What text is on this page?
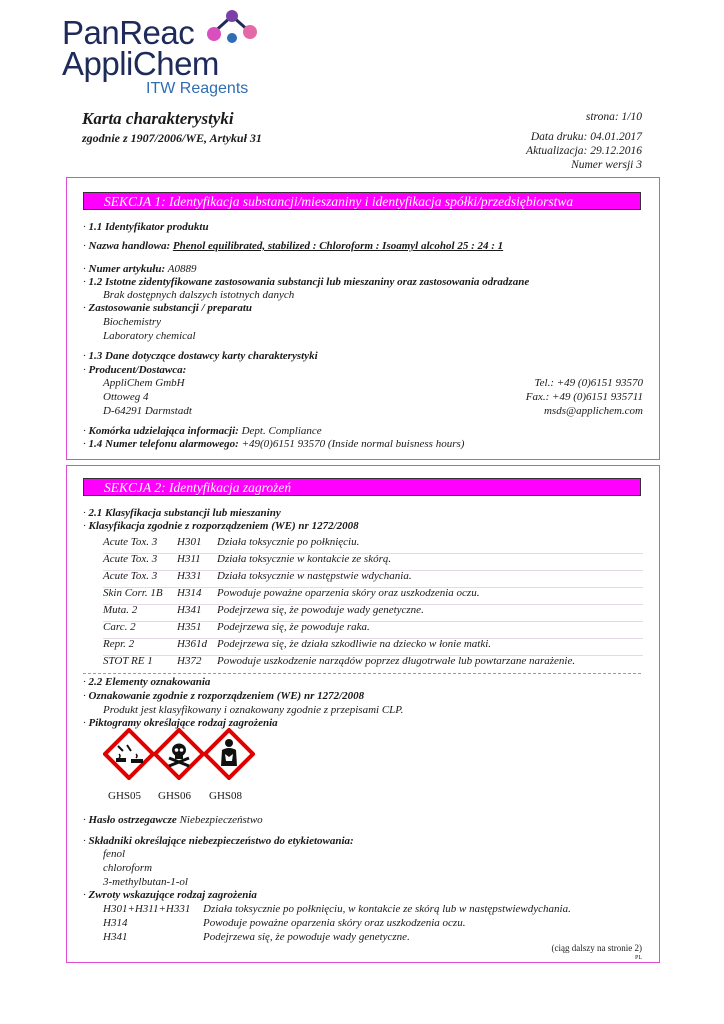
PanReac
AppliChem
ITW Reagents
Karta charakterystyki
zgodnie z 1907/2006/WE, Artykuł 31
strona: 1/10
Data druku: 04.01.2017
Aktualizacja: 29.12.2016
Numer wersji 3
SEKCJA 1: Identyfikacja substancji/mieszaniny i identyfikacja spółki/przedsiębiorstwa
· 1.1 Identyfikator produktu
· Nazwa handlowa: Phenol equilibrated, stabilized : Chloroform : Isoamyl alcohol 25 : 24 : 1
· Numer artykułu: A0889
· 1.2 Istotne zidentyfikowane zastosowania substancji lub mieszaniny oraz zastosowania odradzane
Brak dostępnych dalszych istotnych danych
· Zastosowanie substancji / preparatu
Biochemistry
Laboratory chemical
· 1.3 Dane dotyczące dostawcy karty charakterystyki
· Producent/Dostawca:
AppliChem GmbH
Ottoweg 4
D-64291 Darmstadt
Tel.: +49 (0)6151 93570
Fax.: +49 (0)6151 935711
msds@applichem.com
· Komórka udzielająca informacji: Dept. Compliance
· 1.4 Numer telefonu alarmowego: +49(0)6151 93570 (Inside normal buisness hours)
SEKCJA 2: Identyfikacja zagrożeń
· 2.1 Klasyfikacja substancji lub mieszaniny
· Klasyfikacja zgodnie z rozporządzeniem (WE) nr 1272/2008
Acute Tox. 3 H301 Działa toksycznie po połknięciu.
Acute Tox. 3 H311 Działa toksycznie w kontakcie ze skórą.
Acute Tox. 3 H331 Działa toksycznie w następstwie wdychania.
Skin Corr. 1B H314 Powoduje poważne oparzenia skóry oraz uszkodzenia oczu.
Muta. 2	H341 Podejrzewa się, że powoduje wady genetyczne.
Carc. 2	H351 Podejrzewa się, że powoduje raka.
Repr. 2	H361d Podejrzewa się, że działa szkodliwie na dziecko w łonie matki.
STOT RE 1 H372 Powoduje uszkodzenie narządów poprzez długotrwałe lub powtarzane narażenie.
· 2.2 Elementy oznakowania
· Oznakowanie zgodnie z rozporządzeniem (WE) nr 1272/2008
Produkt jest klasyfikowany i oznakowany zgodnie z przepisami CLP.
· Piktogramy określające rodzaj zagrożenia
GHS05 GHS06 GHS08
· Hasło ostrzegawcze Niebezpieczeństwo
· Składniki określające niebezpieczeństwo do etykietowania:
fenol
chloroform
3-methylbutan-1-ol
· Zwroty wskazujące rodzaj zagrożenia
H301+H311+H331 Działa toksycznie po połknięciu, w kontakcie ze skórą lub w następstwiewdychania.
H314	Powoduje poważne oparzenia skóry oraz uszkodzenia oczu.
H341	Podejrzewa się, że powoduje wady genetyczne.
(ciąg dalszy na stronie 2)
PL
